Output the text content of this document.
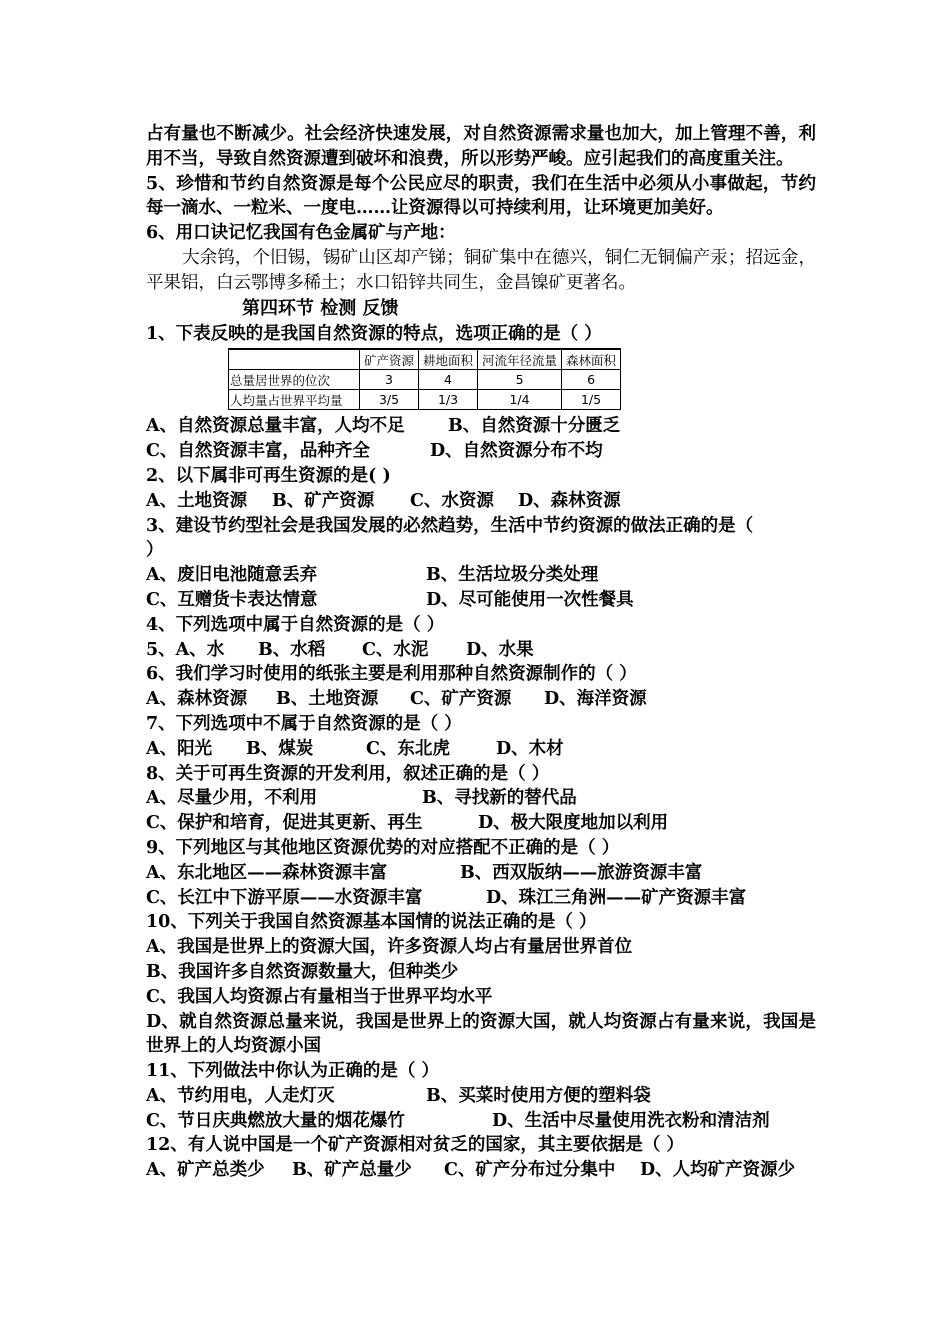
占有量也不断减少。社会经济快速发展，对自然资源需求量也加大，加上管理不善，利用不当，导致自然资源遭到破坏和浪费，所以形势严峻。应引起我们的高度重关注。
5、珍惜和节约自然资源是每个公民应尽的职责，我们在生活中必须从小事做起，节约每一滴水、一粒米、一度电……让资源得以可持续利用，让环境更加美好。
6、用口诀记忆我国有色金属矿与产地：
大余钨，个旧锡，锡矿山区却产锑；铜矿集中在德兴，铜仁无铜偏产汞；招远金，平果铝，白云鄂博多稀土；水口铅锌共同生，金昌镍矿更著名。
第四环节 检测 反馈
1、下表反映的是我国自然资源的特点，选项正确的是（ ）
	矿产资源	耕地面积	河流年径流量	森林面积
总量居世界的位次	3	4	5	6
人均量占世界平均量	3/5	1/3	1/4	1/5
A、自然资源总量丰富，人均不足 B、自然资源十分匮乏
C、自然资源丰富，品种齐全	D、自然资源分布不均
2、以下属非可再生资源的是( )
A、土地资源 B、矿产资源 C、水资源 D、森林资源
3、建设节约型社会是我国发展的必然趋势，生活中节约资源的做法正确的是（
）
A、废旧电池随意丢弃	B、生活垃圾分类处理
C、互赠货卡表达情意	D、尽可能使用一次性餐具
4、下列选项中属于自然资源的是（ ）
5、A、水 B、水稻 C、水泥 D、水果
6、我们学习时使用的纸张主要是利用那种自然资源制作的（ ）
A、森林资源 B、土地资源 C、矿产资源 D、海洋资源
7、下列选项中不属于自然资源的是（ ）
A、阳光 B、煤炭	C、东北虎	D、木材
8、关于可再生资源的开发利用，叙述正确的是（ ）
A、尽量少用，不利用	B、寻找新的替代品
C、保护和培育，促进其更新、再生	D、极大限度地加以利用
9、下列地区与其他地区资源优势的对应搭配不正确的是（ ）
A、东北地区——森林资源丰富	B、西双版纳——旅游资源丰富
C、长江中下游平原——水资源丰富	D、珠江三角洲——矿产资源丰富
10、下列关于我国自然资源基本国情的说法正确的是（ ）
A、我国是世界上的资源大国，许多资源人均占有量居世界首位
B、我国许多自然资源数量大，但种类少
C、我国人均资源占有量相当于世界平均水平
D、就自然资源总量来说，我国是世界上的资源大国，就人均资源占有量来说，我国是世界上的人均资源小国
11、下列做法中你认为正确的是（ ）
A、节约用电，人走灯灭	B、买菜时使用方便的塑料袋
C、节日庆典燃放大量的烟花爆竹	D、生活中尽量使用洗衣粉和清洁剂
12、有人说中国是一个矿产资源相对贫乏的国家，其主要依据是（ ）
A、矿产总类少 B、矿产总量少 C、矿产分布过分集中 D、人均矿产资源少
